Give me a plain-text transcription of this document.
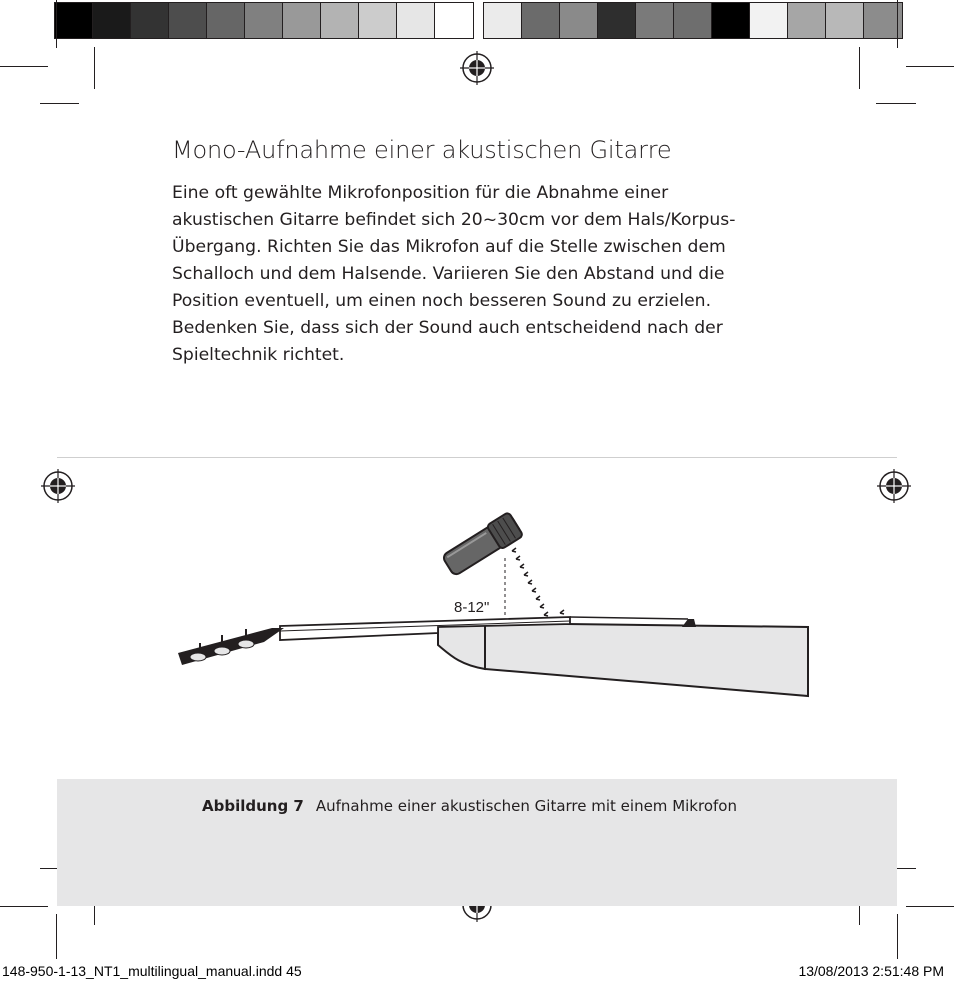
Mono-Aufnahme einer akustischen Gitarre

Eine oft gewählte Mikrofonposition für die Abnahme einer
akustischen Gitarre befindet sich 20~30cm vor dem Hals/Korpus-
Übergang. Richten Sie das Mikrofon auf die Stelle zwischen dem
Schalloch und dem Halsende. Variieren Sie den Abstand und die
Position eventuell, um einen noch besseren Sound zu erzielen.
Bedenken Sie, dass sich der Sound auch entscheidend nach der
Spieltechnik richtet.

8-12"
Abbildung 7 Aufnahme einer akustischen Gitarre mit einem Mikrofon
148-950-1-13_NT1_multilingual_manual.indd 45	13/08/2013 2:51:48 PM
